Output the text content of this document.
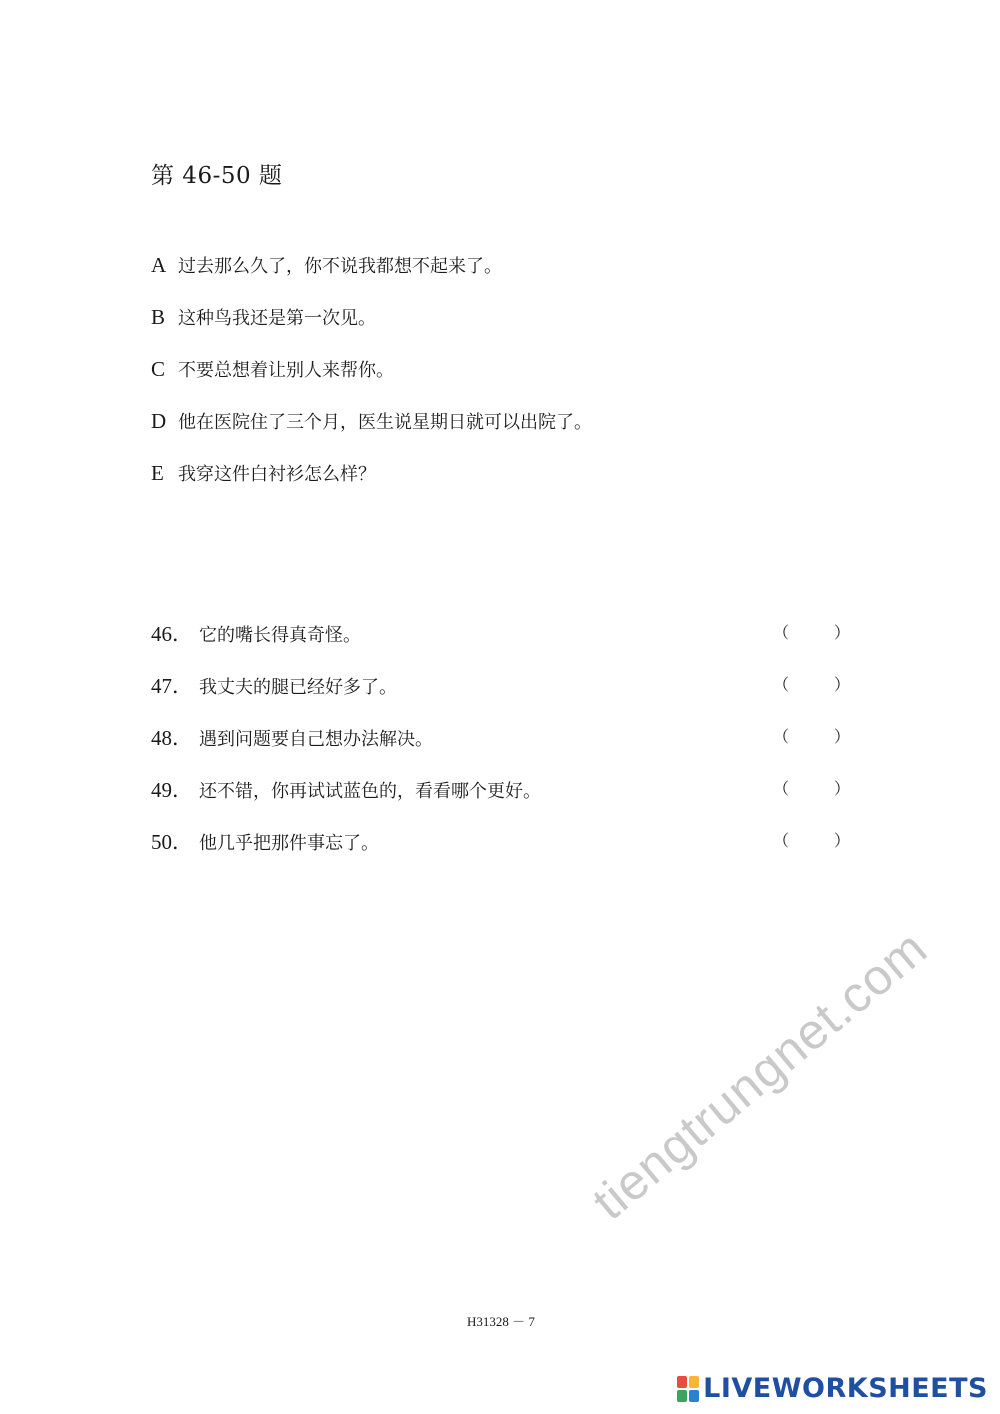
第 46-50 题
A 过去那么久了，你不说我都想不起来了。
B 这种鸟我还是第一次见。
C 不要总想着让别人来帮你。
D 他在医院住了三个月，医生说星期日就可以出院了。
E 我穿这件白衬衫怎么样？
46． 它的嘴长得真奇怪。	（	）
47． 我丈夫的腿已经好多了。	（	）
48． 遇到问题要自己想办法解决。	（	）
49． 还不错，你再试试蓝色的，看看哪个更好。	（	）
50． 他几乎把那件事忘了。	（	）
H31328 － 7
tiengtrungnet.com
LIVEWORKSHEETS
